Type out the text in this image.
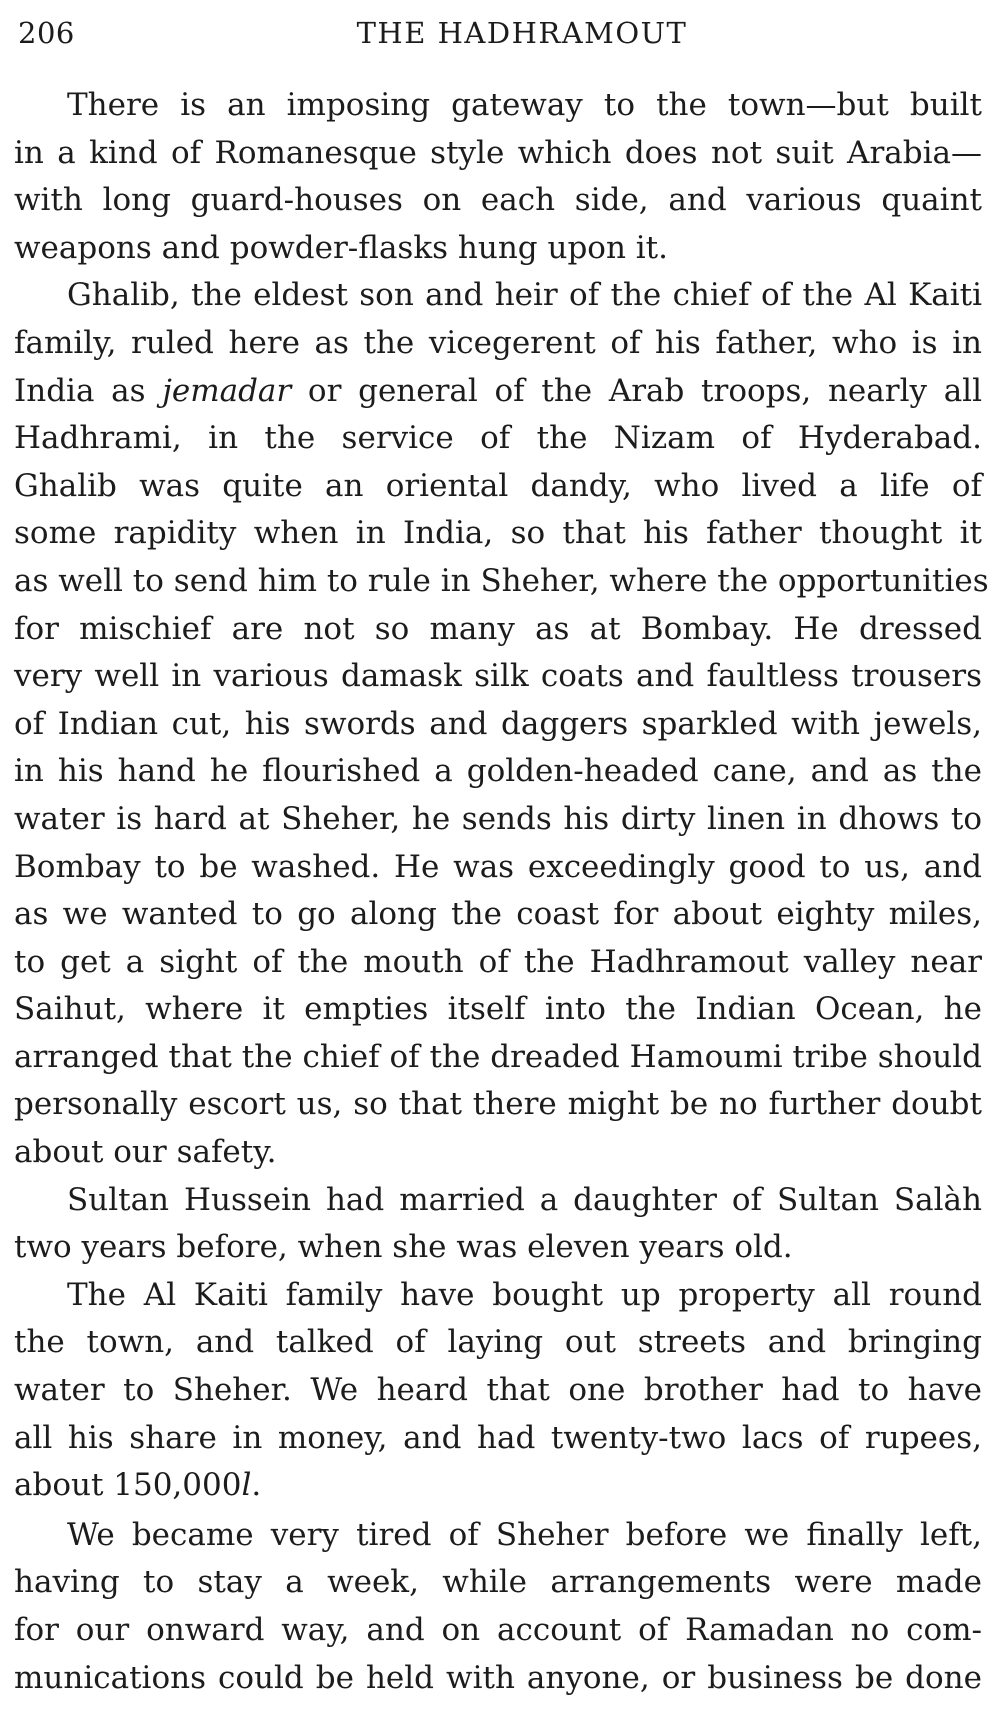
206	THE HADHRAMOUT
There is an imposing gateway to the town—but built
in a kind of Romanesque style which does not suit Arabia—
with long guard-houses on each side, and various quaint
weapons and powder-flasks hung upon it.
Ghalib, the eldest son and heir of the chief of the Al Kaiti
family, ruled here as the vicegerent of his father, who is in
India as jemadar or general of the Arab troops, nearly all
Hadhrami, in the service of the Nizam of Hyderabad.
Ghalib was quite an oriental dandy, who lived a life of
some rapidity when in India, so that his father thought it
as well to send him to rule in Sheher, where the opportunities
for mischief are not so many as at Bombay. He dressed
very well in various damask silk coats and faultless trousers
of Indian cut, his swords and daggers sparkled with jewels,
in his hand he flourished a golden-headed cane, and as the
water is hard at Sheher, he sends his dirty linen in dhows to
Bombay to be washed. He was exceedingly good to us, and
as we wanted to go along the coast for about eighty miles,
to get a sight of the mouth of the Hadhramout valley near
Saihut, where it empties itself into the Indian Ocean, he
arranged that the chief of the dreaded Hamoumi tribe should
personally escort us, so that there might be no further doubt
about our safety.
Sultan Hussein had married a daughter of Sultan Salàh
two years before, when she was eleven years old.
The Al Kaiti family have bought up property all round
the town, and talked of laying out streets and bringing
water to Sheher. We heard that one brother had to have
all his share in money, and had twenty-two lacs of rupees,
about 150,000l.
We became very tired of Sheher before we finally left,
having to stay a week, while arrangements were made
for our onward way, and on account of Ramadan no com-
munications could be held with anyone, or business be done
